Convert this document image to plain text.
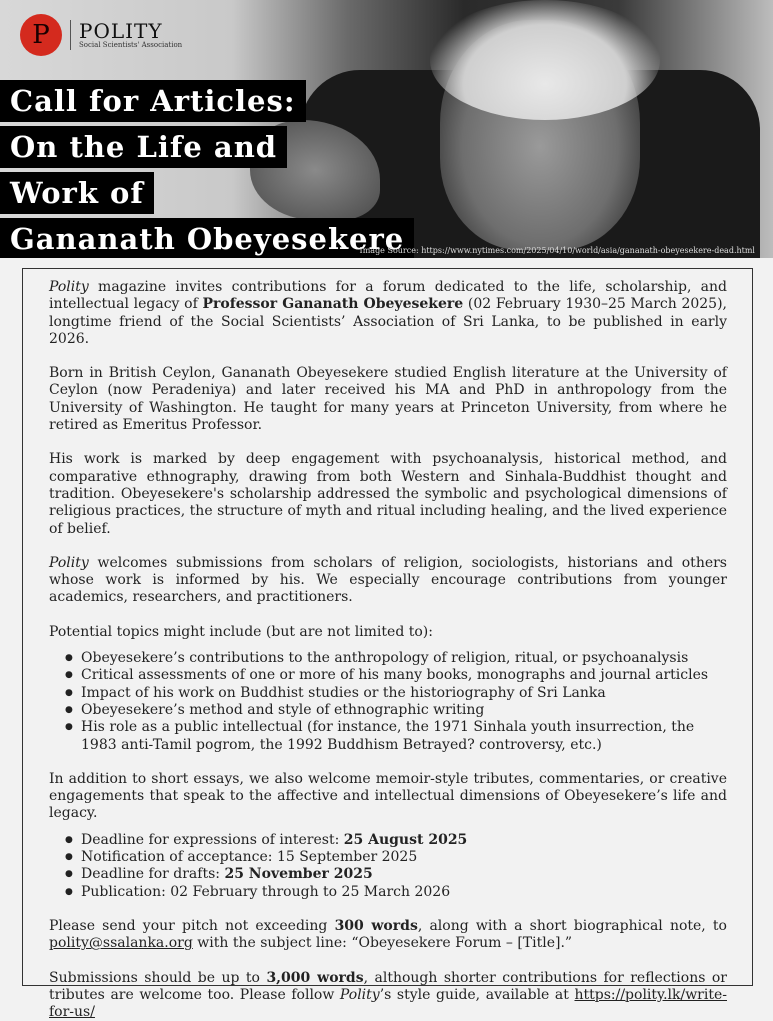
P	POLITY
Social Scientists' Association
Call for Articles:
On the Life and
Work of
Gananath Obeyesekere
Image Source: https://www.nytimes.com/2025/04/10/world/asia/gananath-obeyesekere-dead.html

Polity magazine invites contributions for a forum dedicated to the life, scholarship, and intellectual legacy of Professor Gananath Obeyesekere (02 February 1930–25 March 2025), longtime friend of the Social Scientists’ Association of Sri Lanka, to be published in early 2026.

Born in British Ceylon, Gananath Obeyesekere studied English literature at the University of Ceylon (now Peradeniya) and later received his MA and PhD in anthropology from the University of Washington. He taught for many years at Princeton University, from where he retired as Emeritus Professor.

His work is marked by deep engagement with psychoanalysis, historical method, and comparative ethnography, drawing from both Western and Sinhala-Buddhist thought and tradition. Obeyesekere's scholarship addressed the symbolic and psychological dimensions of religious practices, the structure of myth and ritual including healing, and the lived experience of belief.

Polity welcomes submissions from scholars of religion, sociologists, historians and others whose work is informed by his. We especially encourage contributions from younger academics, researchers, and practitioners.

Potential topics might include (but are not limited to):

● Obeyesekere’s contributions to the anthropology of religion, ritual, or psychoanalysis
● Critical assessments of one or more of his many books, monographs and journal articles
● Impact of his work on Buddhist studies or the historiography of Sri Lanka
● Obeyesekere’s method and style of ethnographic writing
● His role as a public intellectual (for instance, the 1971 Sinhala youth insurrection, the 1983 anti-Tamil pogrom, the 1992 Buddhism Betrayed? controversy, etc.)

In addition to short essays, we also welcome memoir-style tributes, commentaries, or creative engagements that speak to the affective and intellectual dimensions of Obeyesekere’s life and legacy.

● Deadline for expressions of interest: 25 August 2025
● Notification of acceptance: 15 September 2025
● Deadline for drafts: 25 November 2025
● Publication: 02 February through to 25 March 2026

Please send your pitch not exceeding 300 words, along with a short biographical note, to polity@ssalanka.org with the subject line: “Obeyesekere Forum – [Title].”

Submissions should be up to 3,000 words, although shorter contributions for reflections or tributes are welcome too. Please follow Polity’s style guide, available at https://polity.lk/write-for-us/
